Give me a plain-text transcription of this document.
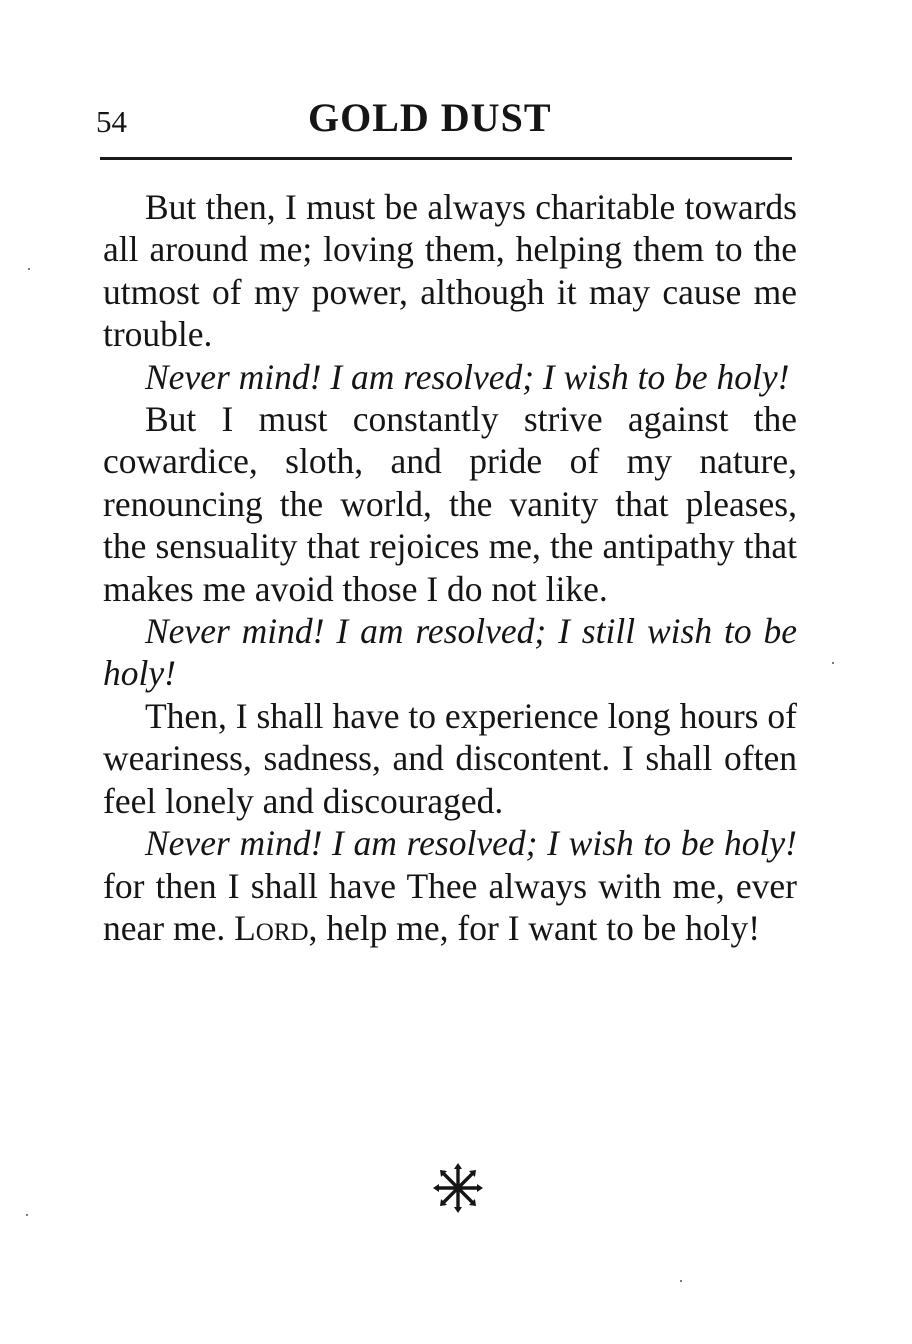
54	GOLD DUST

But then, I must be always charitable towards all around me; loving them, helping them to the utmost of my power, although it may cause me trouble.

Never mind! I am resolved; I wish to be holy!

But I must constantly strive against the cowardice, sloth, and pride of my nature, renouncing the world, the vanity that pleases, the sensuality that rejoices me, the antipathy that makes me avoid those I do not like.

Never mind! I am resolved; I still wish to be holy!

Then, I shall have to experience long hours of weariness, sadness, and discontent. I shall often feel lonely and discouraged.

Never mind! I am resolved; I wish to be holy! for then I shall have Thee always with me, ever near me. Lord, help me, for I want to be holy!
